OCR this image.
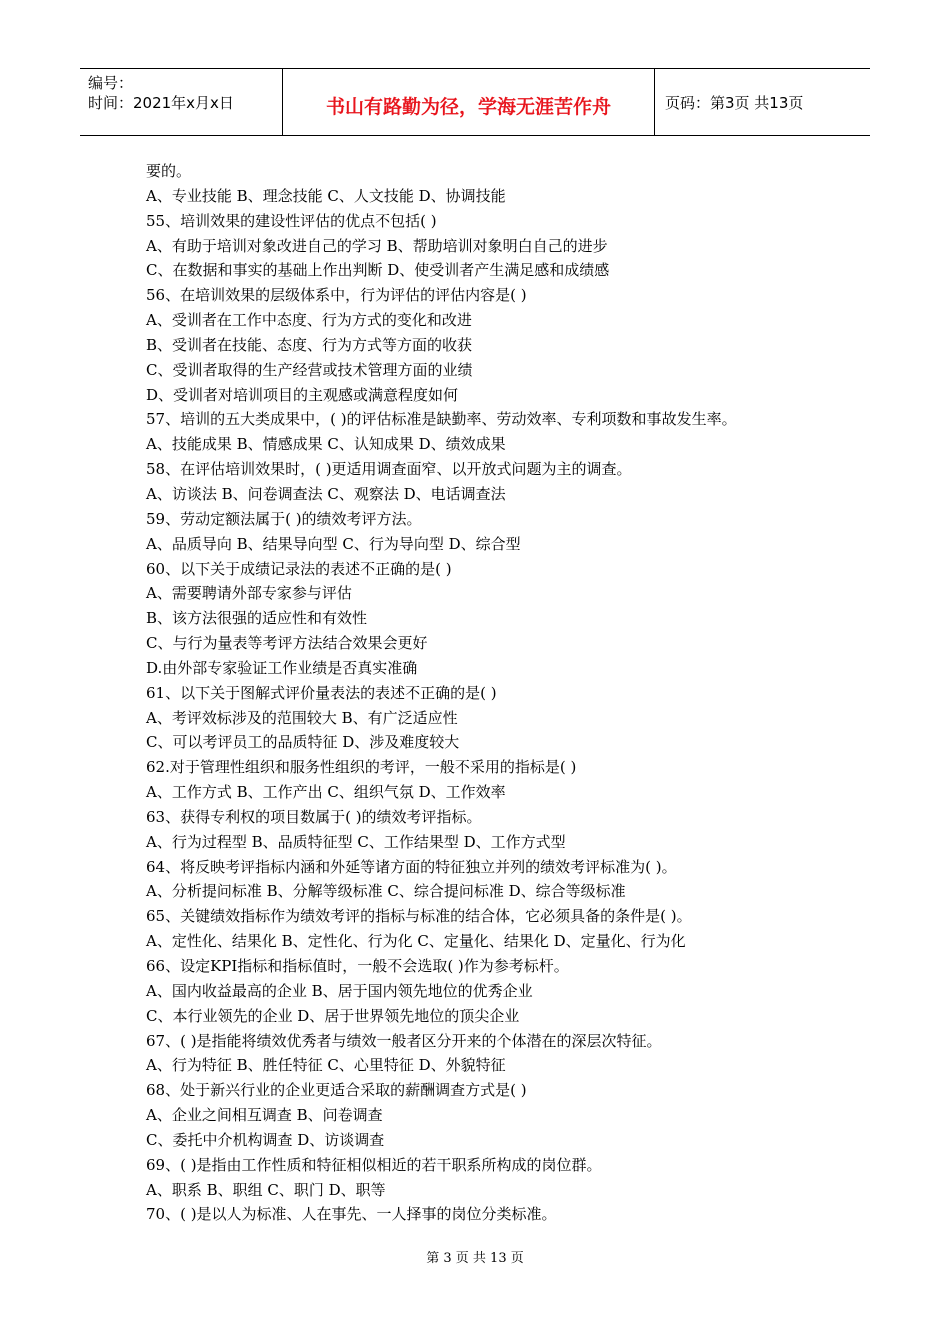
编号：
时间：2021年x月x日	书山有路勤为径，学海无涯苦作舟	页码：第3页 共13页
要的。
A、专业技能 B、理念技能 C、人文技能 D、协调技能
55、培训效果的建设性评估的优点不包括( )
A、有助于培训对象改进自己的学习 B、帮助培训对象明白自己的进步
C、在数据和事实的基础上作出判断 D、使受训者产生满足感和成绩感
56、在培训效果的层级体系中，行为评估的评估内容是( )
A、受训者在工作中态度、行为方式的变化和改进
B、受训者在技能、态度、行为方式等方面的收获
C、受训者取得的生产经营或技术管理方面的业绩
D、受训者对培训项目的主观感或满意程度如何
57、培训的五大类成果中，( )的评估标准是缺勤率、劳动效率、专利项数和事故发生率。
A、技能成果 B、情感成果 C、认知成果 D、绩效成果
58、在评估培训效果时，( )更适用调查面窄、以开放式问题为主的调查。
A、访谈法 B、问卷调查法 C、观察法 D、电话调查法
59、劳动定额法属于( )的绩效考评方法。
A、品质导向 B、结果导向型 C、行为导向型 D、综合型
60、以下关于成绩记录法的表述不正确的是( )
A、需要聘请外部专家参与评估
B、该方法很强的适应性和有效性
C、与行为量表等考评方法结合效果会更好
D.由外部专家验证工作业绩是否真实准确
61、以下关于图解式评价量表法的表述不正确的是( )
A、考评效标涉及的范围较大 B、有广泛适应性
C、可以考评员工的品质特征 D、涉及难度较大
62.对于管理性组织和服务性组织的考评，一般不采用的指标是( )
A、工作方式 B、工作产出 C、组织气氛 D、工作效率
63、获得专利权的项目数属于( )的绩效考评指标。
A、行为过程型 B、品质特征型 C、工作结果型 D、工作方式型
64、将反映考评指标内涵和外延等诸方面的特征独立并列的绩效考评标准为( )。
A、分析提问标准 B、分解等级标准 C、综合提问标准 D、综合等级标准
65、关键绩效指标作为绩效考评的指标与标准的结合体，它必须具备的条件是( )。
A、定性化、结果化 B、定性化、行为化 C、定量化、结果化 D、定量化、行为化
66、设定KPI指标和指标值时，一般不会选取( )作为参考标杆。
A、国内收益最高的企业 B、居于国内领先地位的优秀企业
C、本行业领先的企业 D、居于世界领先地位的顶尖企业
67、( )是指能将绩效优秀者与绩效一般者区分开来的个体潜在的深层次特征。
A、行为特征 B、胜任特征 C、心里特征 D、外貌特征
68、处于新兴行业的企业更适合采取的薪酬调查方式是( )
A、企业之间相互调查 B、问卷调查
C、委托中介机构调查 D、访谈调查
69、( )是指由工作性质和特征相似相近的若干职系所构成的岗位群。
A、职系 B、职组 C、职门 D、职等
70、( )是以人为标准、人在事先、一人择事的岗位分类标准。
第 3 页 共 13 页
